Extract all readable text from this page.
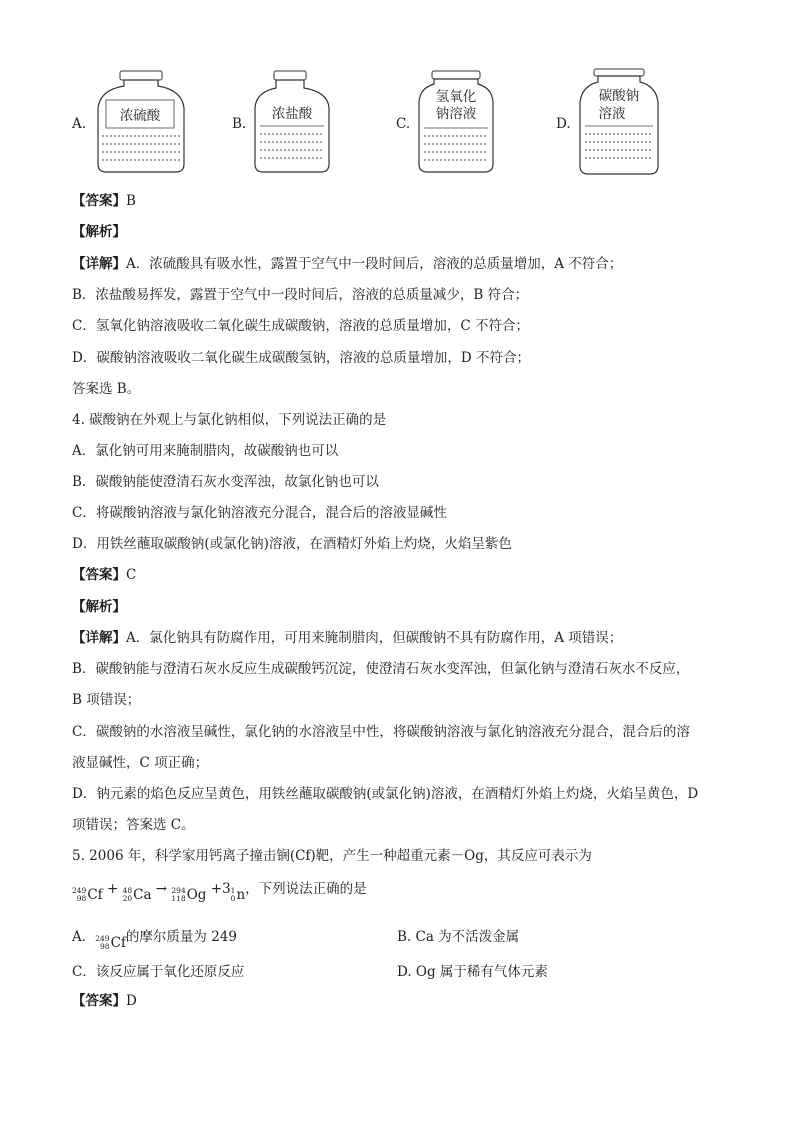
A. 浓硫酸	B.
浓盐酸
C.
氢氧化
钠溶液
D.
碳酸钠
溶液
【答案】B
【解析】
【详解】A．浓硫酸具有吸水性，露置于空气中一段时间后，溶液的总质量增加，A 不符合；
B．浓盐酸易挥发，露置于空气中一段时间后，溶液的总质量减少，B 符合；
C．氢氧化钠溶液吸收二氧化碳生成碳酸钠，溶液的总质量增加，C 不符合；
D．碳酸钠溶液吸收二氧化碳生成碳酸氢钠，溶液的总质量增加，D 不符合；
答案选 B。
4. 碳酸钠在外观上与氯化钠相似，下列说法正确的是
A．氯化钠可用来腌制腊肉，故碳酸钠也可以
B．碳酸钠能使澄清石灰水变浑浊，故氯化钠也可以
C．将碳酸钠溶液与氯化钠溶液充分混合，混合后的溶液显碱性
D．用铁丝蘸取碳酸钠(或氯化钠)溶液，在酒精灯外焰上灼烧，火焰呈紫色
【答案】C
【解析】
【详解】A．氯化钠具有防腐作用，可用来腌制腊肉，但碳酸钠不具有防腐作用，A 项错误；
B．碳酸钠能与澄清石灰水反应生成碳酸钙沉淀，使澄清石灰水变浑浊，但氯化钠与澄清石灰水不反应，
B 项错误；
C．碳酸钠的水溶液呈碱性，氯化钠的水溶液呈中性，将碳酸钠溶液与氯化钠溶液充分混合，混合后的溶
液显碱性，C 项正确；
D．钠元素的焰色反应呈黄色，用铁丝蘸取碳酸钠(或氯化钠)溶液，在酒精灯外焰上灼烧，火焰呈黄色，D
项错误；答案选 C。
5. 2006 年，科学家用钙离子撞击锎(Cf)靶，产生一种超重元素－Og，其反应可表示为
249
98 Cf + 48
20 Ca → 294
118 Og +3 1
0 n ，下列说法正确的是
A． 249
98 Cf 的摩尔质量为 249	B. Ca 为不活泼金属
C．该反应属于氧化还原反应	D. Og 属于稀有气体元素
【答案】D
